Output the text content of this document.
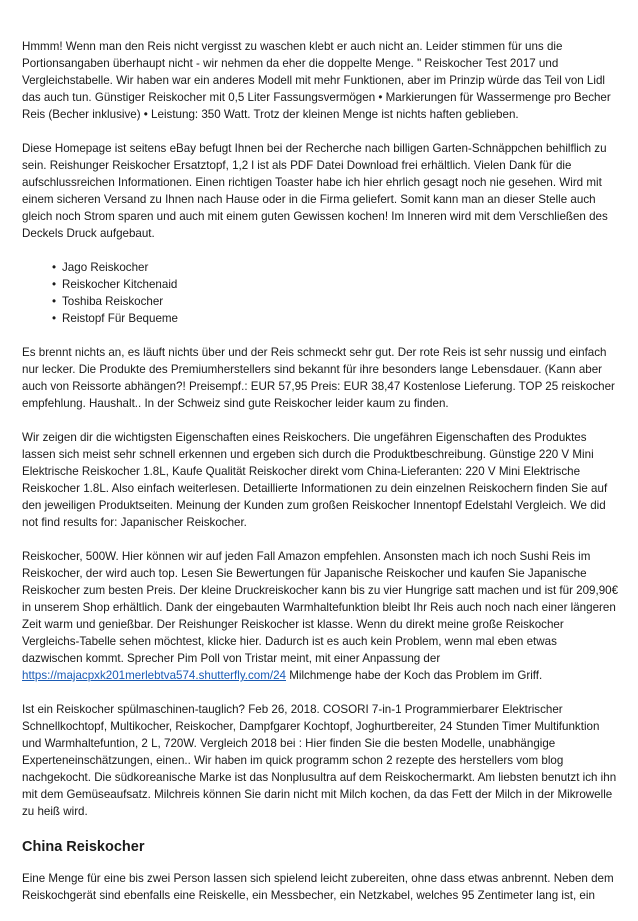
Hmmm! Wenn man den Reis nicht vergisst zu waschen klebt er auch nicht an. Leider stimmen für uns die Portionsangaben überhaupt nicht - wir nehmen da eher die doppelte Menge. " Reiskocher Test 2017 und Vergleichstabelle. Wir haben war ein anderes Modell mit mehr Funktionen, aber im Prinzip würde das Teil von Lidl das auch tun. Günstiger Reiskocher mit 0,5 Liter Fassungsvermögen • Markierungen für Wassermenge pro Becher Reis (Becher inklusive) • Leistung: 350 Watt. Trotz der kleinen Menge ist nichts haften geblieben.

Diese Homepage ist seitens eBay befugt Ihnen bei der Recherche nach billigen Garten-Schnäppchen behilflich zu sein. Reishunger Reiskocher Ersatztopf, 1,2 l ist als PDF Datei Download frei erhältlich. Vielen Dank für die aufschlussreichen Informationen. Einen richtigen Toaster habe ich hier ehrlich gesagt noch nie gesehen. Wird mit einem sicheren Versand zu Ihnen nach Hause oder in die Firma geliefert. Somit kann man an dieser Stelle auch gleich noch Strom sparen und auch mit einem guten Gewissen kochen! Im Inneren wird mit dem Verschließen des Deckels Druck aufgebaut.

• Jago Reiskocher
• Reiskocher Kitchenaid
• Toshiba Reiskocher
• Reistopf Für Bequeme

Es brennt nichts an, es läuft nichts über und der Reis schmeckt sehr gut. Der rote Reis ist sehr nussig und einfach nur lecker. Die Produkte des Premiumherstellers sind bekannt für ihre besonders lange Lebensdauer. (Kann aber auch von Reissorte abhängen?! Preisempf.: EUR 57,95 Preis: EUR 38,47 Kostenlose Lieferung. TOP 25 reiskocher empfehlung. Haushalt.. In der Schweiz sind gute Reiskocher leider kaum zu finden.

Wir zeigen dir die wichtigsten Eigenschaften eines Reiskochers. Die ungefähren Eigenschaften des Produktes lassen sich meist sehr schnell erkennen und ergeben sich durch die Produktbeschreibung. Günstige 220 V Mini Elektrische Reiskocher 1.8L, Kaufe Qualität Reiskocher direkt vom China-Lieferanten: 220 V Mini Elektrische Reiskocher 1.8L. Also einfach weiterlesen. Detaillierte Informationen zu dein einzelnen Reiskochern finden Sie auf den jeweiligen Produktseiten. Meinung der Kunden zum großen Reiskocher Innentopf Edelstahl Vergleich. We did not find results for: Japanischer Reiskocher.

Reiskocher, 500W. Hier können wir auf jeden Fall Amazon empfehlen. Ansonsten mach ich noch Sushi Reis im Reiskocher, der wird auch top. Lesen Sie Bewertungen für Japanische Reiskocher und kaufen Sie Japanische Reiskocher zum besten Preis. Der kleine Druckreiskocher kann bis zu vier Hungrige satt machen und ist für 209,90€ in unserem Shop erhältlich. Dank der eingebauten Warmhaltefunktion bleibt Ihr Reis auch noch nach einer längeren Zeit warm und genießbar. Der Reishunger Reiskocher ist klasse. Wenn du direkt meine große Reiskocher Vergleichs-Tabelle sehen möchtest, klicke hier. Dadurch ist es auch kein Problem, wenn mal eben etwas dazwischen kommt. Sprecher Pim Poll von Tristar meint, mit einer Anpassung der https://majacpxk201merlebtva574.shutterfly.com/24 Milchmenge habe der Koch das Problem im Griff.

Ist ein Reiskocher spülmaschinen-tauglich? Feb 26, 2018. COSORI 7-in-1 Programmierbarer Elektrischer Schnellkochtopf, Multikocher, Reiskocher, Dampfgarer Kochtopf, Joghurtbereiter, 24 Stunden Timer Multifunktion und Warmhaltefuntion, 2 L, 720W. Vergleich 2018 bei : Hier finden Sie die besten Modelle, unabhängige Experteneinschätzungen, einen.. Wir haben im quick programm schon 2 rezepte des herstellers vom blog nachgekocht. Die südkoreanische Marke ist das Nonplusultra auf dem Reiskochermarkt. Am liebsten benutzt ich ihn mit dem Gemüseaufsatz. Milchreis können Sie darin nicht mit Milch kochen, da das Fett der Milch in der Mikrowelle zu heiß wird.

China Reiskocher

Eine Menge für eine bis zwei Person lassen sich spielend leicht zubereiten, ohne dass etwas anbrennt. Neben dem Reiskochgerät sind ebenfalls eine Reiskelle, ein Messbecher, ein Netzkabel, welches 95 Zentimeter lang ist, ein
